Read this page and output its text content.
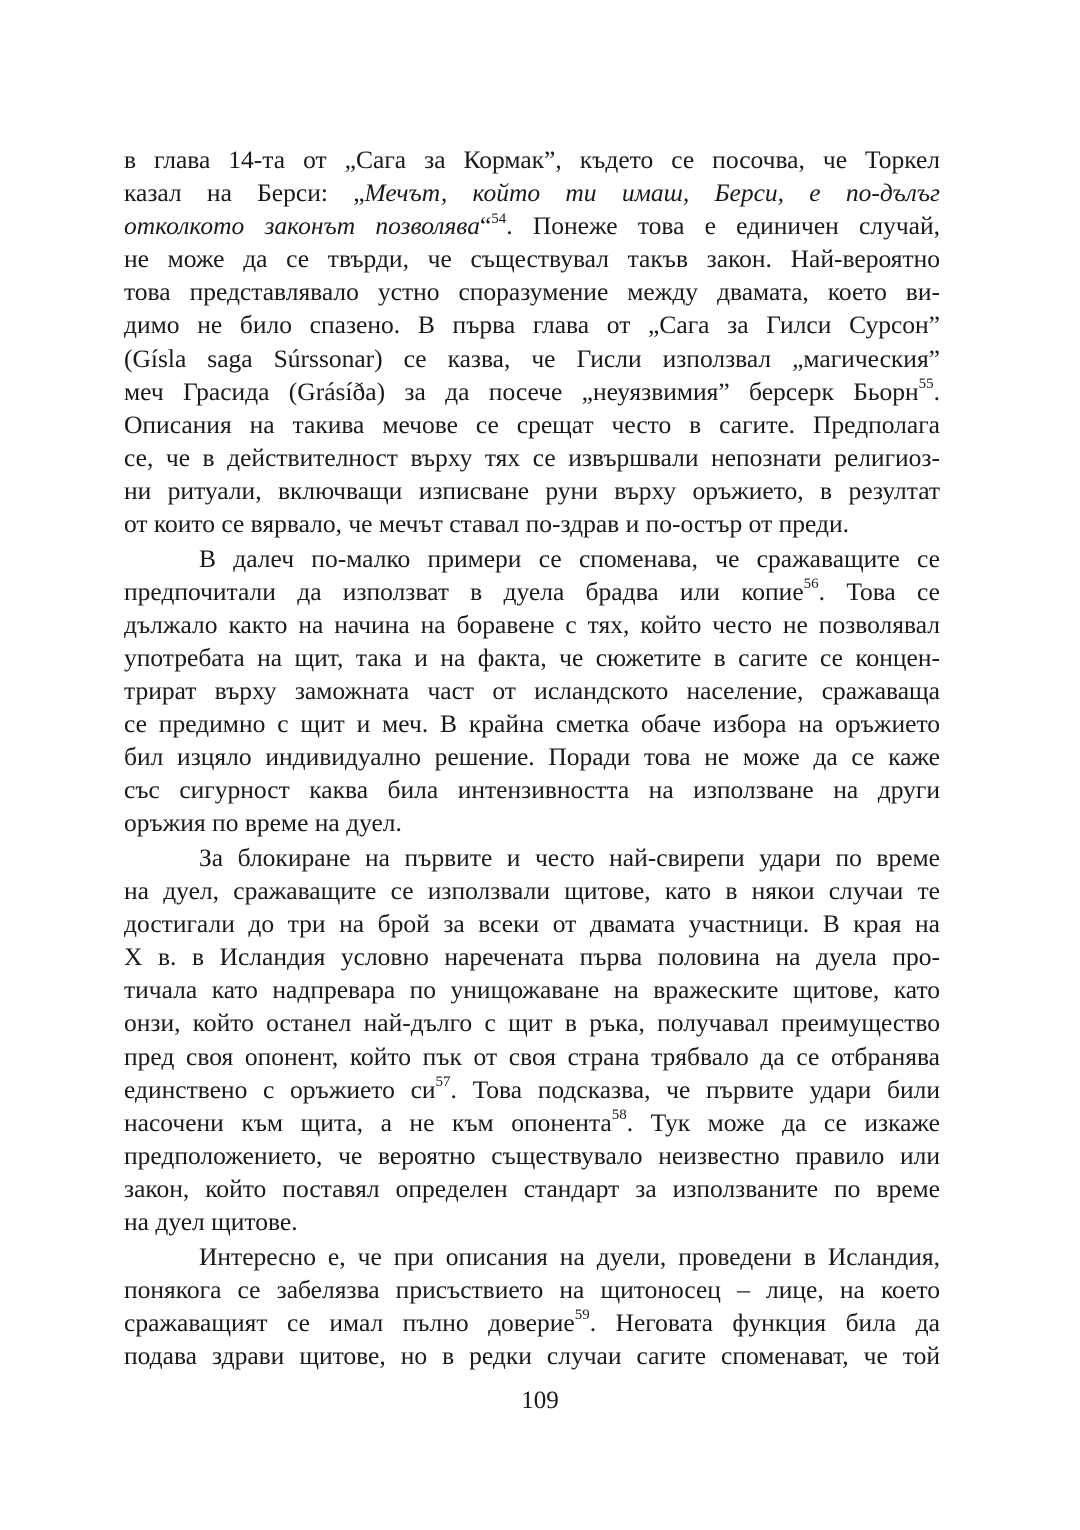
в глава 14-та от „Сага за Кормак”, където се посочва, че Торкел
казал на Берси: „Мечът, който ти имаш, Берси, е по-дълъг
отколкото законът позволява“$^{54}$. Понеже това е единичен случай,
не може да се твърди, че съществувал такъв закон. Най-вероятно
това представлявало устно споразумение между двамата, което ви-
димо не било спазено. В първа глава от „Сага за Гилси Сурсон”
(Gísla saga Súrssonar) се казва, че Гисли използвал „магическия”
меч Грасида (Grásíða) за да посече „неуязвимия” берсерк Бьорн$^{55}$.
Описания на такива мечове се срещат често в сагите. Предполага
се, че в действителност върху тях се извършвали непознати религиоз-
ни ритуали, включващи изписване руни върху оръжието, в резултат
от които се вярвало, че мечът ставал по-здрав и по-остър от преди.
В далеч по-малко примери се споменава, че сражаващите се
предпочитали да използват в дуела брадва или копие$^{56}$. Това се
дължало както на начина на боравене с тях, който често не позволявал
употребата на щит, така и на факта, че сюжетите в сагите се концен-
трират върху заможната част от исландското население, сражаваща
се предимно с щит и меч. В крайна сметка обаче избора на оръжието
бил изцяло индивидуално решение. Поради това не може да се каже
със сигурност каква била интензивността на използване на други
оръжия по време на дуел.
За блокиране на първите и често най-свирепи удари по време
на дуел, сражаващите се използвали щитове, като в някои случаи те
достигали до три на брой за всеки от двамата участници. В края на
X в. в Исландия условно наречената първа половина на дуела про-
тичала като надпревара по унищожаване на вражеските щитове, като
онзи, който останел най-дълго с щит в ръка, получавал преимущество
пред своя опонент, който пък от своя страна трябвало да се отбранява
единствено с оръжието $си^{57}$. Това подсказва, че първите удари били
насочени към щита, а не към опонента$^{58}$. Тук може да се изкаже
предположението, че вероятно съществувало неизвестно правило или
закон, който поставял определен стандарт за използваните по време
на дуел щитове.
Интересно е, че при описания на дуели, проведени в Исландия,
понякога се забелязва присъствието на щитоносец – лице, на което
сражаващият се имал пълно доверие$^{59}$. Неговата функция била да
подава здрави щитове, но в редки случаи сагите споменават, че той
109
